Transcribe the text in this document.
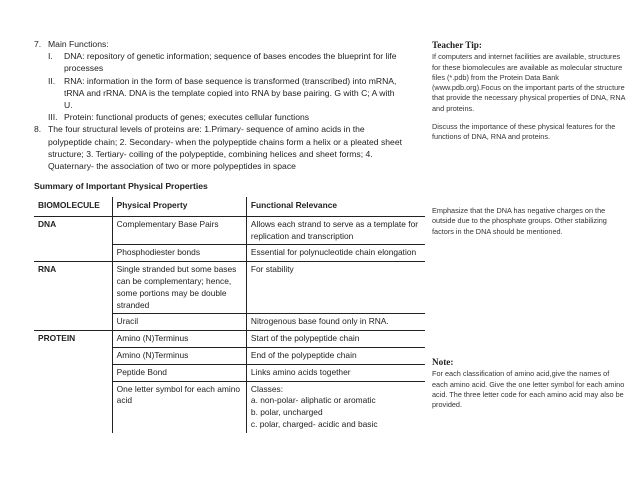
7. Main Functions:
I.	DNA: repository of genetic information; sequence of bases encodes the blueprint for life
processes
II.	RNA: information in the form of base sequence is transformed (transcribed) into mRNA,
tRNA and rRNA. DNA is the template copied into RNA by base pairing. G with C; A with
U.
III. Protein: functional products of genes; executes cellular functions
8. The four structural levels of proteins are: 1.Primary- sequence of amino acids in the
polypeptide chain; 2. Secondary- when the polypeptide chains form a helix or a pleated sheet
structure; 3. Tertiary- coiling of the polypeptide, combining helices and sheet forms; 4.
Quaternary- the association of two or more polypeptides in space
Summary of Important Physical Properties
BIOMOLECULE	Physical Property	Functional Relevance
DNA	Complementary Base Pairs	Allows each strand to serve as a template for replication and transcription
	Phosphodiester bonds	Essential for polynucleotide chain elongation
RNA	Single stranded but some bases can be complementary; hence, some portions may be double stranded	For stability
	Uracil	Nitrogenous base found only in RNA.
PROTEIN	Amino (N)Terminus	Start of the polypeptide chain
	Amino (N)Terminus	End of the polypeptide chain
	Peptide Bond	Links amino acids together
	One letter symbol for each amino acid	Classes:
a. non-polar- aliphatic or aromatic
b. polar, uncharged
c. polar, charged- acidic and basic
Teacher Tip:

If computers and internet facilities are available, structures for these biomolecules are available as molecular structure files (*.pdb) from the Protein Data Bank (www.pdb.org).Focus on the important parts of the structure that provide the necessary physical properties of DNA, RNA and proteins.

Discuss the importance of these physical features for the functions of DNA, RNA and proteins.

Emphasize that the DNA has negative charges on the outside due to the phosphate groups. Other stabilizing factors in the DNA should be mentioned.

Note:

For each classification of amino acid,give the names of each amino acid. Give the one letter symbol for each amino acid. The three letter code for each amino acid may also be provided.
